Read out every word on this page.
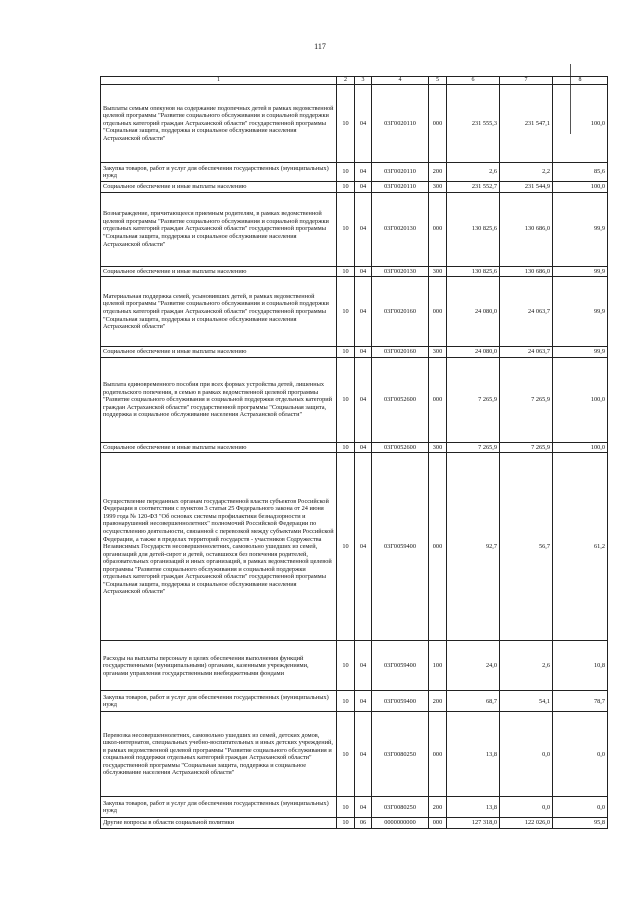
117
1	2	3	4	5	6	7	8
Выплаты семьям опекунов на содержание подопечных детей в рамках ведомственной целевой программы "Развитие социального обслуживания и социальной поддержки отдельных категорий граждан Астраханской области" государственной программы "Социальная защита, поддержка и социальное обслуживание населения Астраханской области"	10	04	03Г0020110	000	231 555,3	231 547,1	100,0
Закупка товаров, работ и услуг для обеспечения государственных (муниципальных) нужд	10	04	03Г0020110	200	2,6	2,2	85,6
Социальное обеспечение и иные выплаты населению	10	04	03Г0020110	300	231 552,7	231 544,9	100,0
Вознаграждение, причитающееся приемным родителям, в рамках ведомственной целевой программы "Развитие социального обслуживания и социальной поддержки отдельных категорий граждан Астраханской области" государственной программы "Социальная защита, поддержка и социальное обслуживание населения Астраханской области"	10	04	03Г0020130	000	130 825,6	130 686,0	99,9
Социальное обеспечение и иные выплаты населению	10	04	03Г0020130	300	130 825,6	130 686,0	99,9
Материальная поддержка семей, усыновивших детей, в рамках ведомственной целевой программы "Развитие социального обслуживания и социальной поддержки отдельных категорий граждан Астраханской области" государственной программы "Социальная защита, поддержка и социальное обслуживание населения Астраханской области"	10	04	03Г0020160	000	24 080,0	24 063,7	99,9
Социальное обеспечение и иные выплаты населению	10	04	03Г0020160	300	24 080,0	24 063,7	99,9
Выплата единовременного пособия при всех формах устройства детей, лишенных родительского попечения, в семью в рамках ведомственной целевой программы "Развитие социального обслуживания и социальной поддержки отдельных категорий граждан Астраханской области" государственной программы "Социальная защита, поддержка и социальное обслуживание населения Астраханской области"	10	04	03Г0052600	000	7 265,9	7 265,9	100,0
Социальное обеспечение и иные выплаты населению	10	04	03Г0052600	300	7 265,9	7 265,9	100,0
Осуществление переданных органам государственной власти субъектов Российской Федерации в соответствии с пунктом 3 статьи 25 Федерального закона от 24 июня 1999 года № 120-ФЗ "Об основах системы профилактики безнадзорности и правонарушений несовершеннолетних" полномочий Российской Федерации по осуществлению деятельности, связанной с перевозкой между субъектами Российской Федерации, а также в пределах территорий государств - участников Содружества Независимых Государств несовершеннолетних, самовольно ушедших из семей, организаций для детей-сирот и детей, оставшихся без попечения родителей, образовательных организаций и иных организаций, в рамках ведомственной целевой программы "Развитие социального обслуживания и социальной поддержки отдельных категорий граждан Астраханской области" государственной программы "Социальная защита, поддержка и социальное обслуживание населения Астраханской области"	10	04	03Г0059400	000	92,7	56,7	61,2
Расходы на выплаты персоналу в целях обеспечения выполнения функций государственными (муниципальными) органами, казенными учреждениями, органами управления государственными внебюджетными фондами	10	04	03Г0059400	100	24,0	2,6	10,8
Закупка товаров, работ и услуг для обеспечения государственных (муниципальных) нужд	10	04	03Г0059400	200	68,7	54,1	78,7
Перевозка несовершеннолетних, самовольно ушедших из семей, детских домов, школ-интернатов, специальных учебно-воспитательных и иных детских учреждений, в рамках ведомственной целевой программы "Развитие социального обслуживания и социальной поддержки отдельных категорий граждан Астраханской области" государственной программы "Социальная защита, поддержка и социальное обслуживание населения Астраханской области"	10	04	03Г0080250	000	13,8	0,0	0,0
Закупка товаров, работ и услуг для обеспечения государственных (муниципальных) нужд	10	04	03Г0080250	200	13,8	0,0	0,0
Другие вопросы в области социальной политики	10	06	0000000000	000	127 318,0	122 026,0	95,8
